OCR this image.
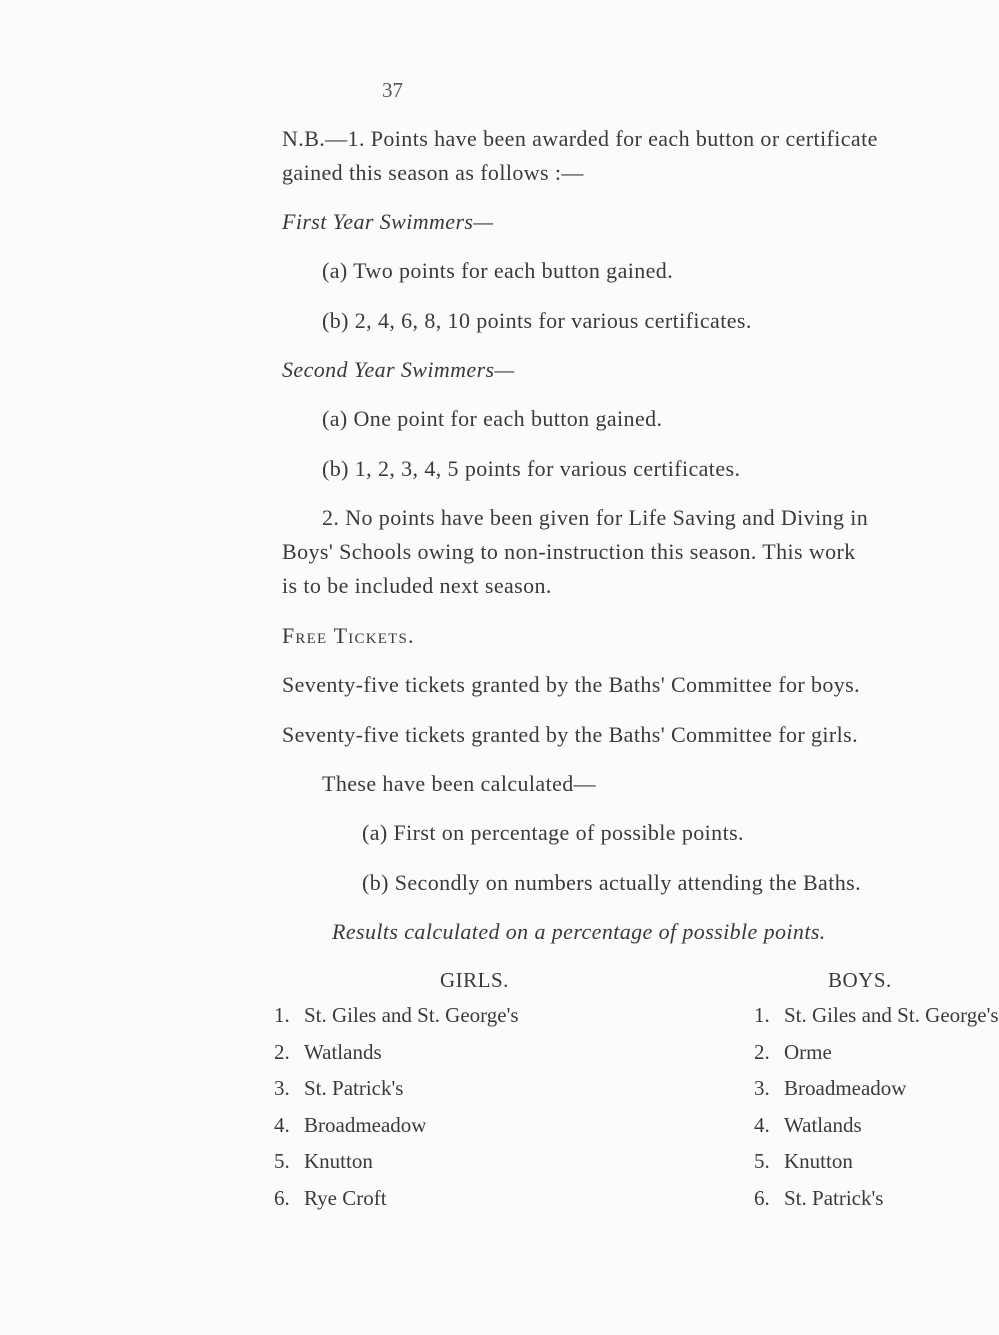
37
N.B.—1. Points have been awarded for each button or certificate
gained this season as follows :—
First Year Swimmers—
(a) Two points for each button gained.
(b) 2, 4, 6, 8, 10 points for various certificates.
Second Year Swimmers—
(a) One point for each button gained.
(b) 1, 2, 3, 4, 5 points for various certificates.
2. No points have been given for Life Saving and Diving in
Boys' Schools owing to non-instruction this season. This work
is to be included next season.
Free Tickets.
Seventy-five tickets granted by the Baths' Committee for boys.
Seventy-five tickets granted by the Baths' Committee for girls.
These have been calculated—
(a) First on percentage of possible points.
(b) Secondly on numbers actually attending the Baths.
Results calculated on a percentage of possible points.
GIRLS.	BOYS.
1. St. Giles and St. George's
2. Watlands
3. St. Patrick's
4. Broadmeadow
5. Knutton
6. Rye Croft
1. St. Giles and St. George's
2. Orme
3. Broadmeadow
4. Watlands
5. Knutton
6. St. Patrick's
